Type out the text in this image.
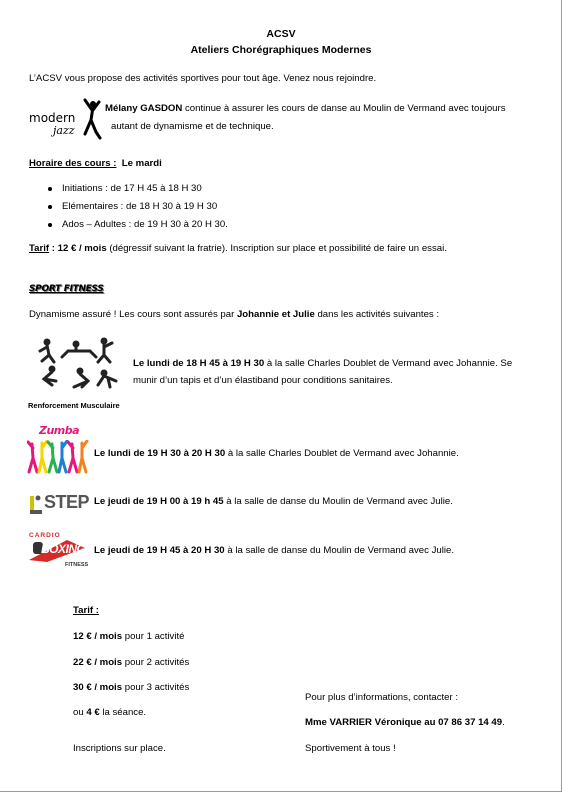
ACSV
Ateliers Chorégraphiques Modernes
L’ACSV vous propose des activités sportives pour tout âge. Venez nous rejoindre.
modern
jazz
Mélany GASDON continue à assurer les cours de danse au Moulin de Vermand avec toujours
autant de dynamisme et de technique.
Horaire des cours : Le mardi
Initiations : de 17 H 45 à 18 H 30
Elémentaires : de 18 H 30 à 19 H 30
Ados – Adultes : de 19 H 30 à 20 H 30.
Tarif : 12 € / mois (dégressif suivant la fratrie). Inscription sur place et possibilité de faire un essai.
SPORT FITNESS
Dynamisme assuré ! Les cours sont assurés par Johannie et Julie dans les activités suivantes :
Le lundi de 18 H 45 à 19 H 30 à la salle Charles Doublet de Vermand avec Johannie. Se
munir d’un tapis et d’un élastiband pour conditions sanitaires.
Renforcement Musculaire
Zumba
Le lundi de 19 H 30 à 20 H 30 à la salle Charles Doublet de Vermand avec Johannie.
STEP Le jeudi de 19 H 00 à 19 h 45 à la salle de danse du Moulin de Vermand avec Julie.
CARDIO
BOXING
FITNESS
Le jeudi de 19 H 45 à 20 H 30 à la salle de danse du Moulin de Vermand avec Julie.
Tarif :
12 € / mois pour 1 activité
22 € / mois pour 2 activités
30 € / mois pour 3 activités
ou 4 € la séance.
Inscriptions sur place.
Pour plus d’informations, contacter :
Mme VARRIER Véronique au 07 86 37 14 49.
Sportivement à tous !
